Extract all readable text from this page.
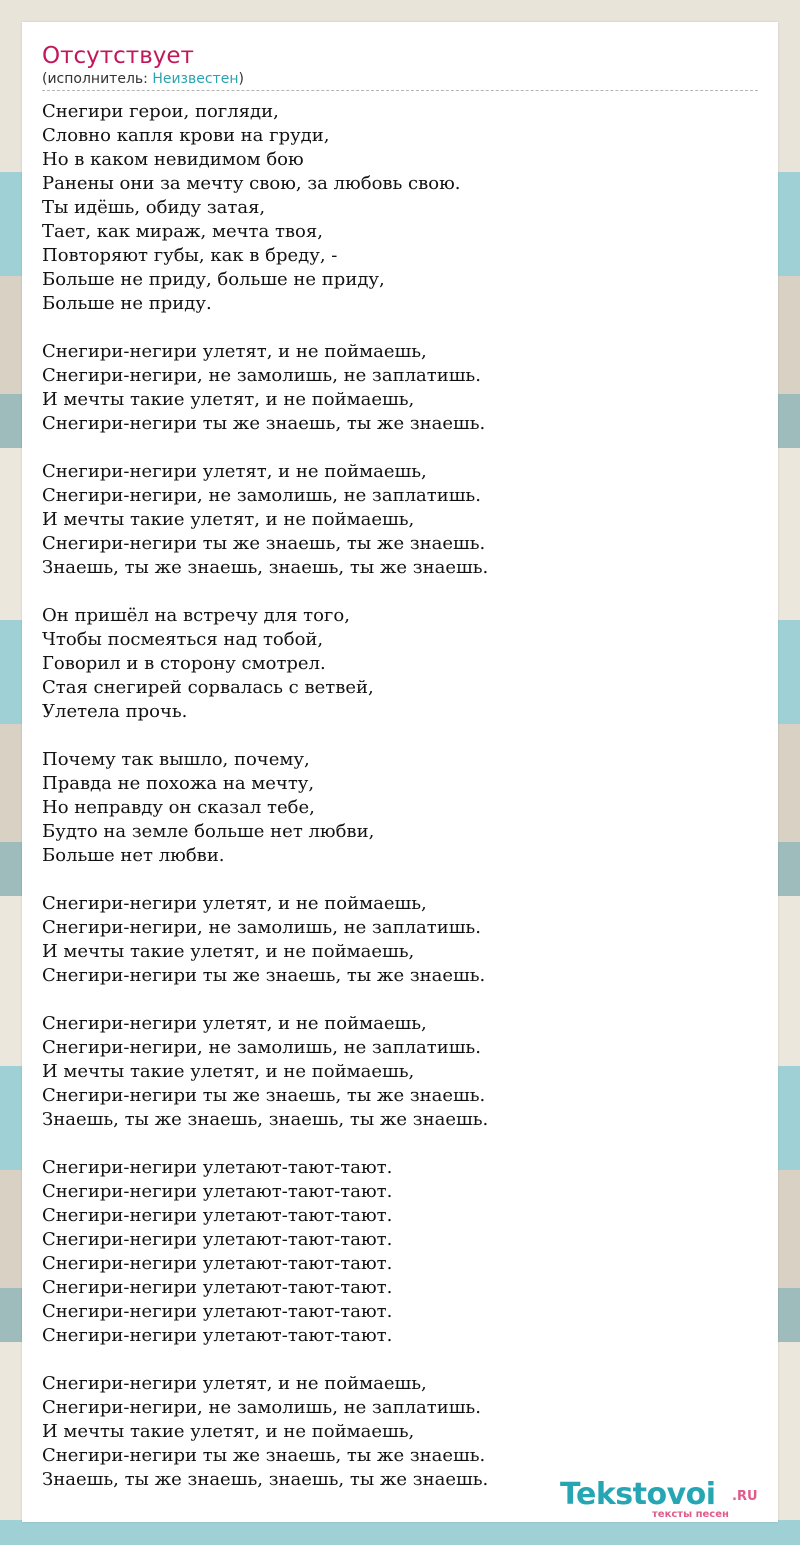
Отсутствует
(исполнитель: Неизвестен)
Снегири герои, погляди,
Словно капля крови на груди,
Но в каком невидимом бою
Ранены они за мечту свою, за любовь свою.
Ты идёшь, обиду затая,
Тает, как мираж, мечта твоя,
Повторяют губы, как в бреду, -
Больше не приду, больше не приду,
Больше не приду.

Снегири-негири улетят, и не поймаешь,
Снегири-негири, не замолишь, не заплатишь.
И мечты такие улетят, и не поймаешь,
Снегири-негири ты же знаешь, ты же знаешь.

Снегири-негири улетят, и не поймаешь,
Снегири-негири, не замолишь, не заплатишь.
И мечты такие улетят, и не поймаешь,
Снегири-негири ты же знаешь, ты же знаешь.
Знаешь, ты же знаешь, знаешь, ты же знаешь.

Он пришёл на встречу для того,
Чтобы посмеяться над тобой,
Говорил и в сторону смотрел.
Стая снегирей сорвалась с ветвей,
Улетела прочь.

Почему так вышло, почему,
Правда не похожа на мечту,
Но неправду он сказал тебе,
Будто на земле больше нет любви,
Больше нет любви.

Снегири-негири улетят, и не поймаешь,
Снегири-негири, не замолишь, не заплатишь.
И мечты такие улетят, и не поймаешь,
Снегири-негири ты же знаешь, ты же знаешь.

Снегири-негири улетят, и не поймаешь,
Снегири-негири, не замолишь, не заплатишь.
И мечты такие улетят, и не поймаешь,
Снегири-негири ты же знаешь, ты же знаешь.
Знаешь, ты же знаешь, знаешь, ты же знаешь.

Снегири-негири улетают-тают-тают.
Снегири-негири улетают-тают-тают.
Снегири-негири улетают-тают-тают.
Снегири-негири улетают-тают-тают.
Снегири-негири улетают-тают-тают.
Снегири-негири улетают-тают-тают.
Снегири-негири улетают-тают-тают.
Снегири-негири улетают-тают-тают.

Снегири-негири улетят, и не поймаешь,
Снегири-негири, не замолишь, не заплатишь.
И мечты такие улетят, и не поймаешь,
Снегири-негири ты же знаешь, ты же знаешь.
Знаешь, ты же знаешь, знаешь, ты же знаешь.	Tekstovoi .RU
тексты песен
